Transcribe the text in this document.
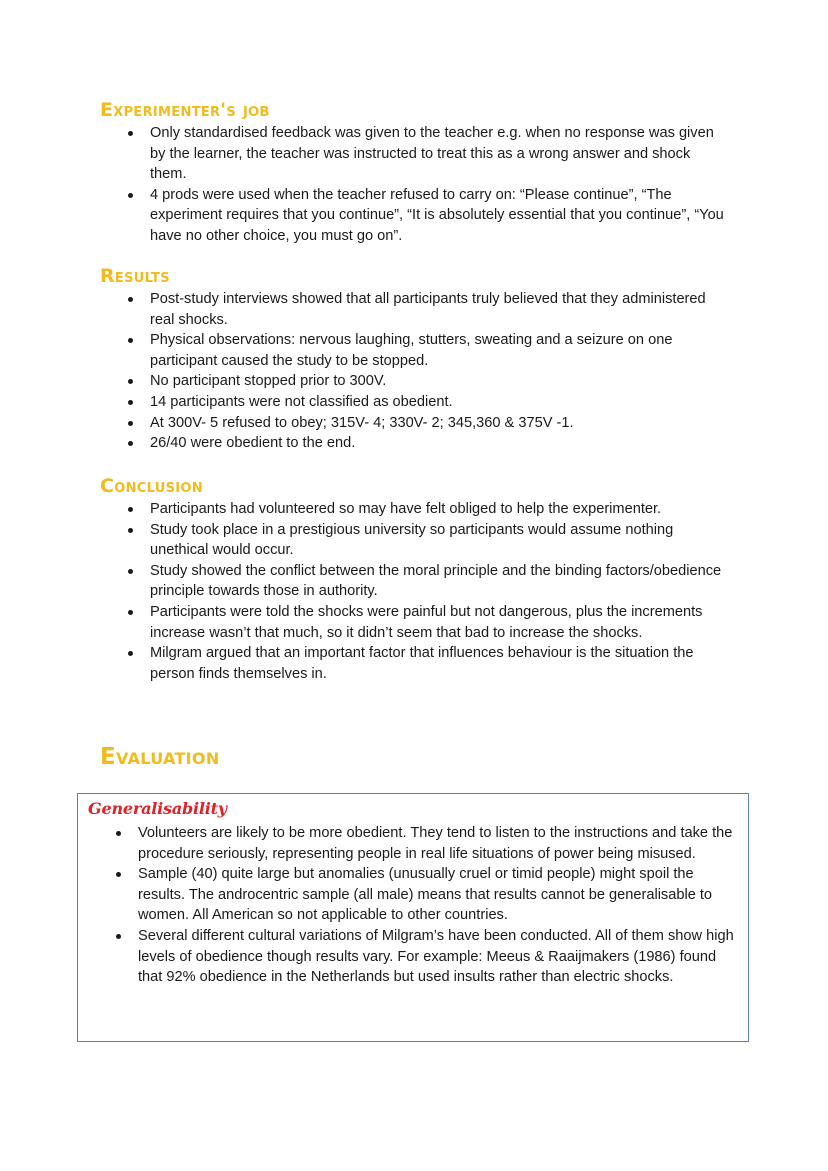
Experimenter's job
Only standardised feedback was given to the teacher e.g. when no response was given by the learner, the teacher was instructed to treat this as a wrong answer and shock them.
4 prods were used when the teacher refused to carry on: “Please continue”, “The experiment requires that you continue”, “It is absolutely essential that you continue”, “You have no other choice, you must go on”.
Results
Post-study interviews showed that all participants truly believed that they administered real shocks.
Physical observations: nervous laughing, stutters, sweating and a seizure on one participant caused the study to be stopped.
No participant stopped prior to 300V.
14 participants were not classified as obedient.
At 300V- 5 refused to obey; 315V- 4; 330V- 2; 345,360 & 375V -1.
26/40 were obedient to the end.
Conclusion
Participants had volunteered so may have felt obliged to help the experimenter.
Study took place in a prestigious university so participants would assume nothing unethical would occur.
Study showed the conflict between the moral principle and the binding factors/obedience principle towards those in authority.
Participants were told the shocks were painful but not dangerous, plus the increments increase wasn’t that much, so it didn’t seem that bad to increase the shocks.
Milgram argued that an important factor that influences behaviour is the situation the person finds themselves in.
Evaluation
Generalisability
Volunteers are likely to be more obedient. They tend to listen to the instructions and take the procedure seriously, representing people in real life situations of power being misused.
Sample (40) quite large but anomalies (unusually cruel or timid people) might spoil the results. The androcentric sample (all male) means that results cannot be generalisable to women. All American so not applicable to other countries.
Several different cultural variations of Milgram’s have been conducted. All of them show high levels of obedience though results vary. For example: Meeus & Raaijmakers (1986) found that 92% obedience in the Netherlands but used insults rather than electric shocks.
